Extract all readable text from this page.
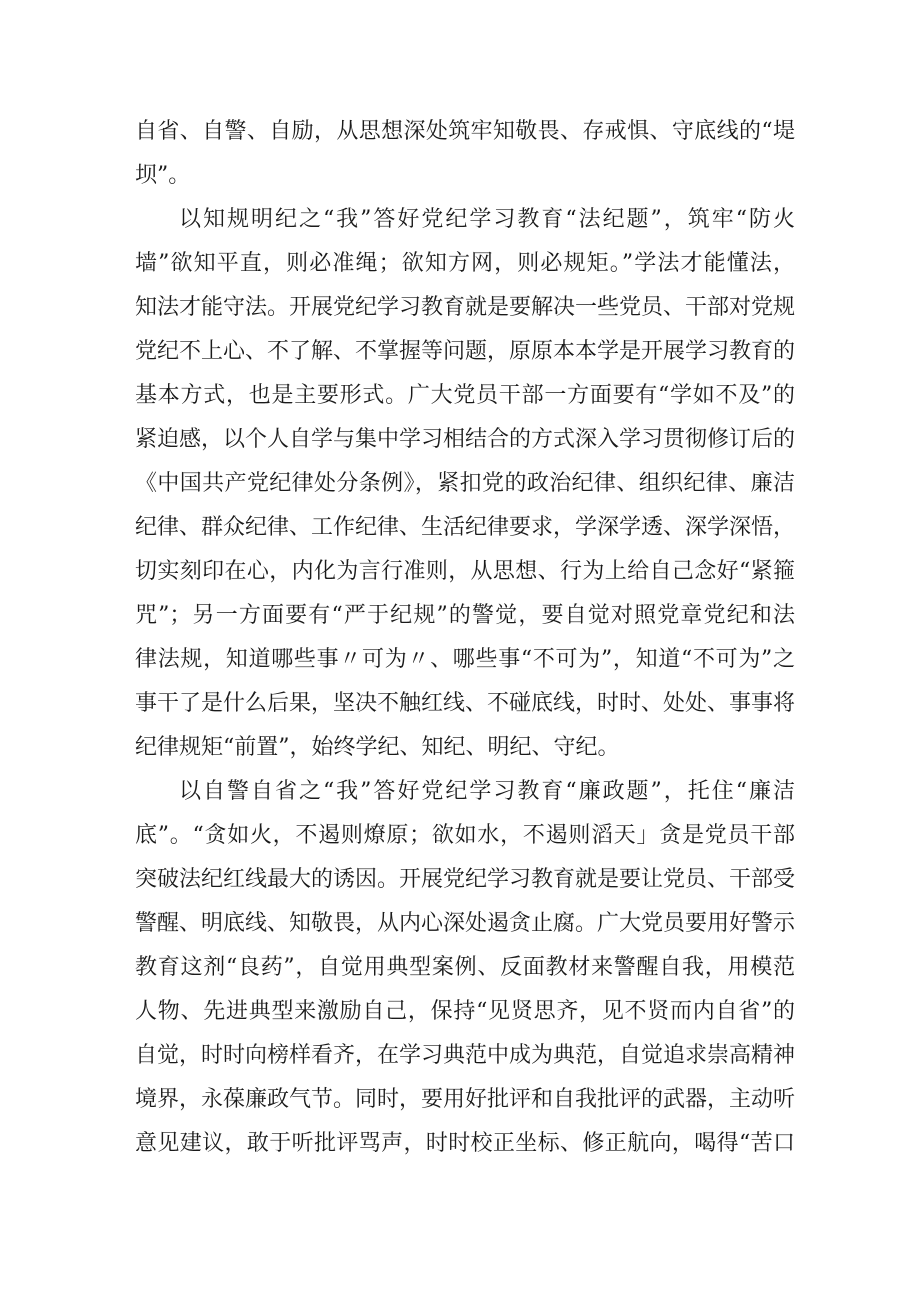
自省、自警、自励，从思想深处筑牢知敬畏、存戒惧、守底线的“堤
坝”。
以知规明纪之“我”答好党纪学习教育“法纪题”，筑牢“防火
墙”欲知平直，则必准绳；欲知方网，则必规矩。”学法才能懂法，
知法才能守法。开展党纪学习教育就是要解决一些党员、干部对党规
党纪不上心、不了解、不掌握等问题，原原本本学是开展学习教育的
基本方式，也是主要形式。广大党员干部一方面要有“学如不及”的
紧迫感，以个人自学与集中学习相结合的方式深入学习贯彻修订后的
《中国共产党纪律处分条例》，紧扣党的政治纪律、组织纪律、廉洁
纪律、群众纪律、工作纪律、生活纪律要求，学深学透、深学深悟，
切实刻印在心，内化为言行准则，从思想、行为上给自己念好“紧箍
咒”；另一方面要有“严于纪规”的警觉，要自觉对照党章党纪和法
律法规，知道哪些事〃可为〃、哪些事“不可为”，知道“不可为”之
事干了是什么后果，坚决不触红线、不碰底线，时时、处处、事事将
纪律规矩“前置”，始终学纪、知纪、明纪、守纪。
以自警自省之“我”答好党纪学习教育“廉政题”，托住“廉洁
底”。“贪如火，不遏则燎原；欲如水，不遏则滔天」贪是党员干部
突破法纪红线最大的诱因。开展党纪学习教育就是要让党员、干部受
警醒、明底线、知敬畏，从内心深处遏贪止腐。广大党员要用好警示
教育这剂“良药”，自觉用典型案例、反面教材来警醒自我，用模范
人物、先进典型来激励自己，保持“见贤思齐，见不贤而内自省”的
自觉，时时向榜样看齐，在学习典范中成为典范，自觉追求崇高精神
境界，永葆廉政气节。同时，要用好批评和自我批评的武器，主动听
意见建议，敢于听批评骂声，时时校正坐标、修正航向，喝得“苦口
